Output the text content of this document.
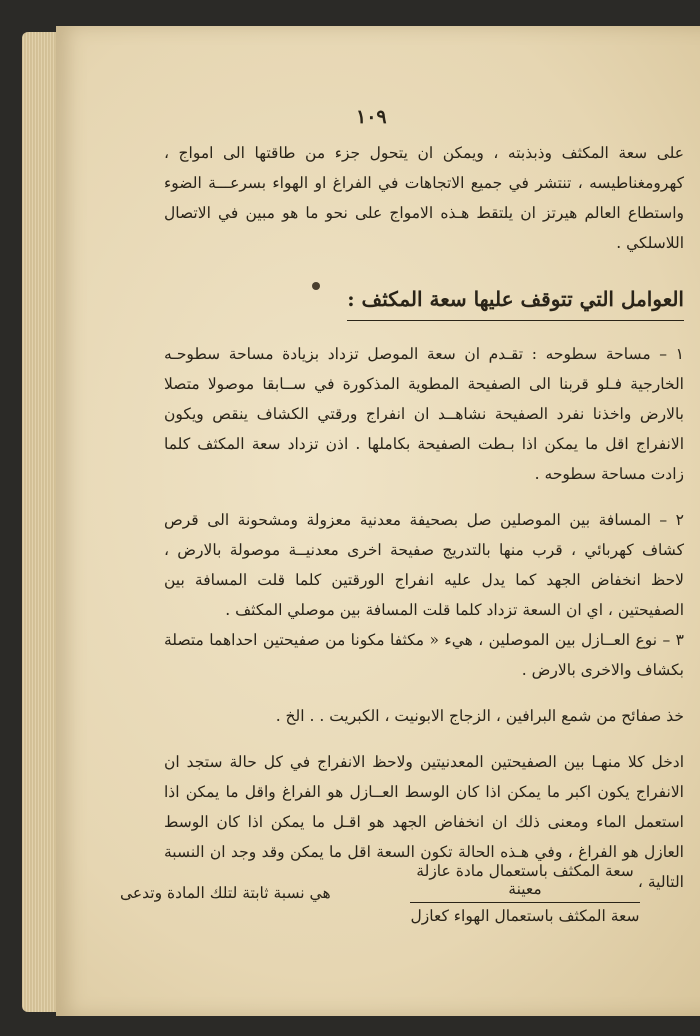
١٠٩

على سعة المكثف وذبذبته ، ويمكن ان يتحول جزء من طاقتها الى امواج ، كهرومغناطيسه ، تنتشر في جميع الاتجاهات في الفراغ او الهواء بسرعـــة الضوء واستطاع العالم هيرتز ان يلتقط هـذه الامواج على نحو ما هو مبين في الاتصال اللاسلكي .

العوامل التي تتوقف عليها سعة المكثف :

١ – مساحة سطوحه : تقـدم ان سعة الموصل تزداد بزيادة مساحة سطوحـه الخارجية فـلو قربنا الى الصفيحة المطوية المذكورة في ســابقا موصولا متصلا بالارض واخذنا نفرد الصفيحة نشاهــد ان انفراج ورقتي الكشاف ينقص ويكون الانفراج اقل ما يمكن اذا بـطت الصفيحة بكاملها . اذن تزداد سعة المكثف كلما زادت مساحة سطوحه .

٢ – المسافة بين الموصلين صل بصحيفة معدنية معزولة ومشحونة الى قرص كشاف كهربائي ، قرب منها بالتدريج صفيحة اخرى معدنيــة موصولة بالارض ، لاحظ انخفاض الجهد كما يدل عليه انفراج الورقتين كلما قلت المسافة بين الصفيحتين ، اي ان السعة تزداد كلما قلت المسافة بين موصلي المكثف .

٣ – نوع العــازل بين الموصلين ، هيء « مكثفا مكونا من صفيحتين احداهما متصلة بكشاف والاخرى بالارض .

خذ صفائح من شمع البرافين ، الزجاج الابونيت ، الكبريت . . الخ .

ادخل كلا منهـا بين الصفيحتين المعدنيتين ولاحظ الانفراج في كل حالة ستجد ان الانفراج يكون اكبر ما يمكن اذا كان الوسط العــازل هو الفراغ واقل ما يمكن اذا استعمل الماء ومعنى ذلك ان انخفاض الجهد هو اقـل ما يمكن اذا كان الوسط العازل هو الفراغ ، وفي هـذه الحالة تكون السعة اقل ما يمكن وقد وجد ان النسبة التالية ،

سعة المكثف باستعمال مادة عازلة معينة
سعة المكثف باستعمال الهواء كعازل
هي نسبة ثابتة لتلك المادة وتدعى
